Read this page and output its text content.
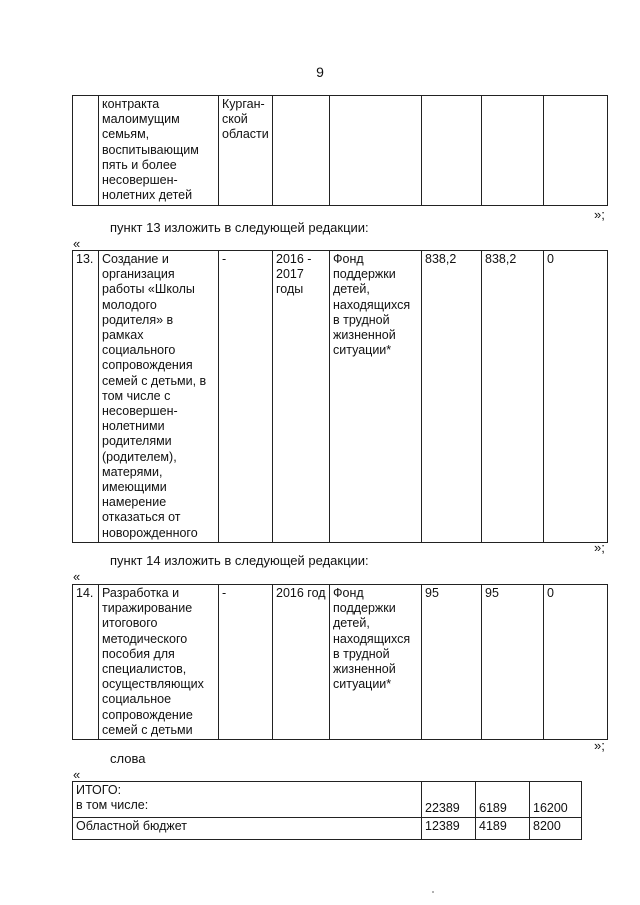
9
	контракта малоимущим семьям, воспитывающим пять и более несовершен-нолетних детей	Курган-ской области					
»;
пункт 13 изложить в следующей редакции:
«
13.	Создание и организация работы «Школы молодого родителя» в рамках социального сопровождения семей с детьми, в том числе с несовершен-нолетними родителями (родителем), матерями, имеющими намерение отказаться от новорожденного	-	2016 - 2017 годы	Фонд поддержки детей, находящихся в трудной жизненной ситуации*	838,2	838,2	0
»;
пункт 14 изложить в следующей редакции:
«
14.	Разработка и тиражирование итогового методического пособия для специалистов, осуществляющих социальное сопровождение семей с детьми	-	2016 год	Фонд поддержки детей, находящихся в трудной жизненной ситуации*	95	95	0
»;
слова
«
ИТОГО:
в том числе:	22389	6189	16200
Областной бюджет	12389	4189	8200
